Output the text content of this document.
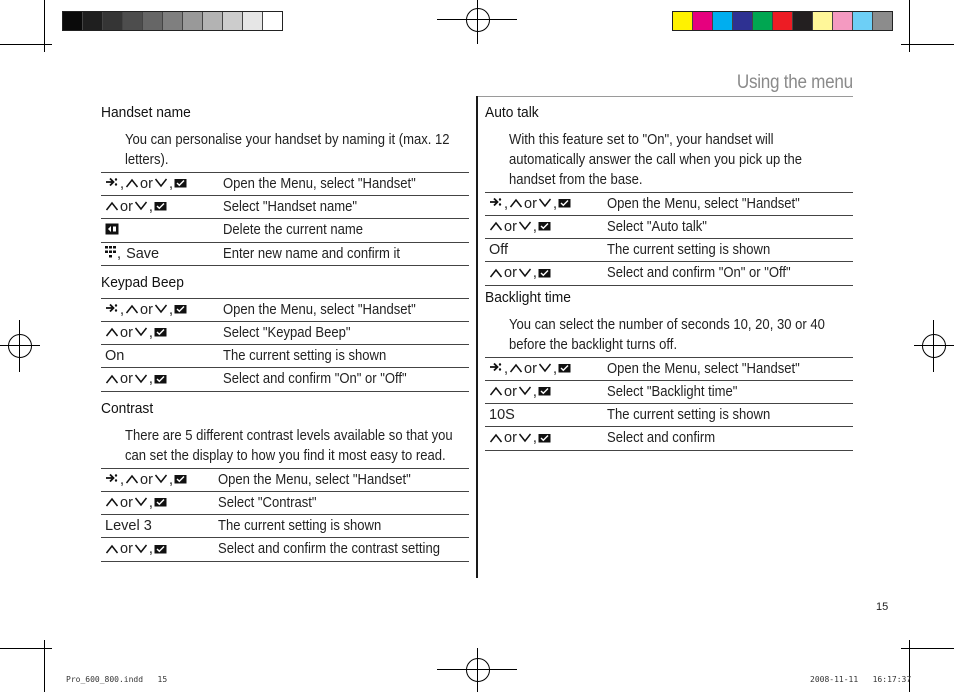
Using the menu
Handset name
You can personalise your handset by naming it (max. 12 letters).
, or ,	Open the Menu, select "Handset"
or ,	Select "Handset name"
	Delete the current name
, Save	Enter new name and confirm it
Keypad Beep
, or ,	Open the Menu, select "Handset"
or ,	Select "Keypad Beep"
On	The current setting is shown
or ,	Select and confirm "On" or "Off"
Contrast
There are 5 different contrast levels available so that you can set the display to how you find it most easy to read.
, or ,	Open the Menu, select "Handset"
or ,	Select "Contrast"
Level 3	The current setting is shown
or ,	Select and confirm the contrast setting
Auto talk
With this feature set to "On", your handset will automatically answer the call when you pick up the handset from the base.
, or ,	Open the Menu, select "Handset"
or ,	Select "Auto talk"
Off	The current setting is shown
or ,	Select and confirm "On" or "Off"
Backlight time
You can select the number of seconds 10, 20, 30 or 40 before the backlight turns off.
, or ,	Open the Menu, select "Handset"
or ,	Select "Backlight time"
10S	The current setting is shown
or ,	Select and confirm
15
Pro_600_800.indd   15	2008-11-11   16:17:37
